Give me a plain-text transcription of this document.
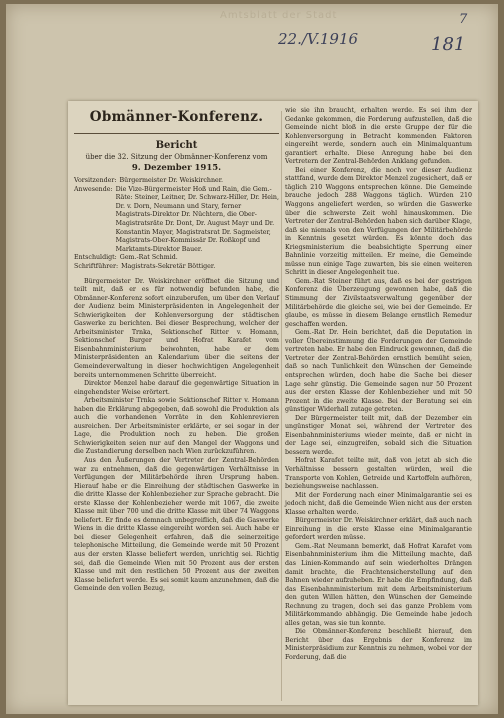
Amtsblatt der Stadt
22./V.1916
7
181
Obmänner-Konferenz.
Bericht
über die 32. Sitzung der Obmänner-Konferenz vom
9. Dezember 1915.
Vorsitzender: Bürgermeister Dr. Weiskirchner.
Anwesende: Die Vize-Bürgermeister Hoß und Rain, die Gem.-Räte: Steiner, Leitner, Dr. Schwarz-Hiller, Dr. Hein, Dr. v. Dorn, Neumann und Stary, ferner Magistrats-Direktor Dr. Nüchtern, die Ober-Magistratsräte Dr. Dont, Dr. August Mayr und Dr. Konstantin Mayer, Magistratsrat Dr. Sagmeister, Magistrats-Ober-Kommissär Dr. Roßkopf und Marktamts-Direktor Bauer.
Entschuldigt: Gem.-Rat Schmid.
Schriftführer: Magistrats-Sekretär Böttiger.

Bürgermeister Dr. Weiskirchner eröffnet die Sitzung und teilt mit, daß er es für notwendig befunden habe, die Obmänner-Konferenz sofort einzuberufen, um über den Verlauf der Audienz beim Ministerpräsidenten in Angelegenheit der Schwierigkeiten der Kohlenversorgung der städtischen Gaswerke zu berichten. Bei dieser Besprechung, welcher der Arbeitsminister Trnka, Sektionschef Ritter v. Homann, Sektionschef Burger und Hofrat Karafet vom Eisenbahnministerium beiwohnten, habe er dem Ministerpräsidenten an Kalendarium über die seitens der Gemeindeverwaltung in dieser hochwichtigen Angelegenheit bereits unternommenen Schritte überreicht.

Direktor Menzel habe darauf die gegenwärtige Situation in eingehendster Weise erörtert.

Arbeitsminister Trnka sowie Sektionschef Ritter v. Homann haben die Erklärung abgegeben, daß sowohl die Produktion als auch die vorhandenen Vorräte in den Kohlenrevieren ausreichen. Der Arbeitsminister erklärte, er sei sogar in der Lage, die Produktion noch zu heben. Die großen Schwierigkeiten seien nur auf den Mangel der Waggons und die Zustandierung derselben nach Wien zurückzuführen.

Aus den Äußerungen der Vertreter der Zentral-Behörden war zu entnehmen, daß die gegenwärtigen Verhältnisse in Verfügungen der Militärbehörde ihren Ursprung haben. Hierauf habe er die Einreihung der städtischen Gaswerke in die dritte Klasse der Kohlenbezieher zur Sprache gebracht. Die erste Klasse der Kohlenbezieher werde mit 1067, die zweite Klasse mit über 700 und die dritte Klasse mit über 74 Waggons beliefert. Er finde es demnach unbegreiflich, daß die Gaswerke Wiens in die dritte Klasse eingereiht worden sei. Auch habe er bei dieser Gelegenheit erfahren, daß die seinerzeitige telephonische Mitteilung, die Gemeinde werde mit 50 Prozent aus der ersten Klasse beliefert werden, unrichtig sei. Richtig sei, daß die Gemeinde Wien mit 50 Prozent aus der ersten Klasse und mit den restlichen 50 Prozent aus der zweiten Klasse beliefert werde. Es sei somit kaum anzunehmen, daß die Gemeinde den vollen Bezug,

wie sie ihn braucht, erhalten werde. Es sei ihm der Gedanke gekommen, die Forderung aufzustellen, daß die Gemeinde nicht bloß in die erste Gruppe der für die Kohlenversorgung in Betracht kommenden Faktoren eingereiht werde, sondern auch ein Minimalquantum garantiert erhalte. Diese Anregung habe bei den Vertretern der Zentral-Behörden Anklang gefunden.

Bei einer Konferenz, die noch vor dieser Audienz stattfand, wurde dem Direktor Menzel zugesichert, daß er täglich 210 Waggons entsprechen könne. Die Gemeinde brauche jedoch 288 Waggons täglich. Würden 210 Waggons angeliefert werden, so würden die Gaswerke über die schwerste Zeit wohl hinauskommen. Die Vertreter der Zentral-Behörden haben sich darüber Klage, daß sie niemals von den Verfügungen der Militärbehörde in Kenntnis gesetzt würden. Es könnte doch das Kriegsministerium die beabsichtigte Sperrung einer Bahnlinie vorzeitig mitteilen. Er meine, die Gemeinde müsse nun einige Tage zuwarten, bis sie einen weiteren Schritt in dieser Angelegenheit tue.

Gem.-Rat Steiner führt aus, daß es bei der gestrigen Konferenz die Überzeugung gewonnen habe, daß die Stimmung der Zivilstaatsverwaltung gegenüber der Militärbehörde die gleiche sei, wie bei der Gemeinde. Er glaube, es müsse in diesem Belange ernstlich Remedur geschaffen werden.

Gem.-Rat Dr. Hein berichtet, daß die Deputation in voller Übereinstimmung die Forderungen der Gemeinde vertreten habe. Er habe den Eindruck gewonnen, daß die Vertreter der Zentral-Behörden ernstlich bemüht seien, daß so nach Tunlichkeit den Wünschen der Gemeinde entsprechen würden, doch habe die Sache bei dieser Lage sehr günstig. Die Gemeinde sagen nur 50 Prozent aus der ersten Klasse der Kohlenbezieher und mit 50 Prozent in die zweite Klasse. Bei der Beratung sei ein günstiger Widerhall zutage getreten.

Der Bürgermeister teilt mit, daß der Dezember ein ungünstiger Monat sei, während der Vertreter des Eisenbahnministeriums wieder meinte, daß er nicht in der Lage sei, einzugreifen, sobald sich die Situation bessern werde.

Hofrat Karafet teilte mit, daß von jetzt ab sich die Verhältnisse bessern gestalten würden, weil die Transporte von Kohlen, Getreide und Kartoffeln aufhören, beziehungsweise nachlassen.

Mit der Forderung nach einer Minimalgarantie sei es jedoch nicht, daß die Gemeinde Wien nicht aus der ersten Klasse erhalten werde.

Bürgermeister Dr. Weiskirchner erklärt, daß auch nach Einreihung in die erste Klasse eine Minimalgarantie gefordert werden müsse.

Gem.-Rat Neumann bemerkt, daß Hofrat Karafet vom Eisenbahnministerium ihm die Mitteilung machte, daß das Linien-Kommando auf sein wiederholtes Drängen damit brachte, die Frachtensicherstellung auf den Bahnen wieder aufzuheben. Er habe die Empfindung, daß das Eisenbahnministerium mit dem Arbeitsministerium den guten Willen hätten, den Wünschen der Gemeinde Rechnung zu tragen, doch sei das ganze Problem vom Militärkommando abhängig. Die Gemeinde habe jedoch alles getan, was sie tun konnte.

Die Obmänner-Konferenz beschließt hierauf, den Bericht über das Ergebnis der Konferenz im Ministerpräsidium zur Kenntnis zu nehmen, wobei vor der Forderung, daß die
